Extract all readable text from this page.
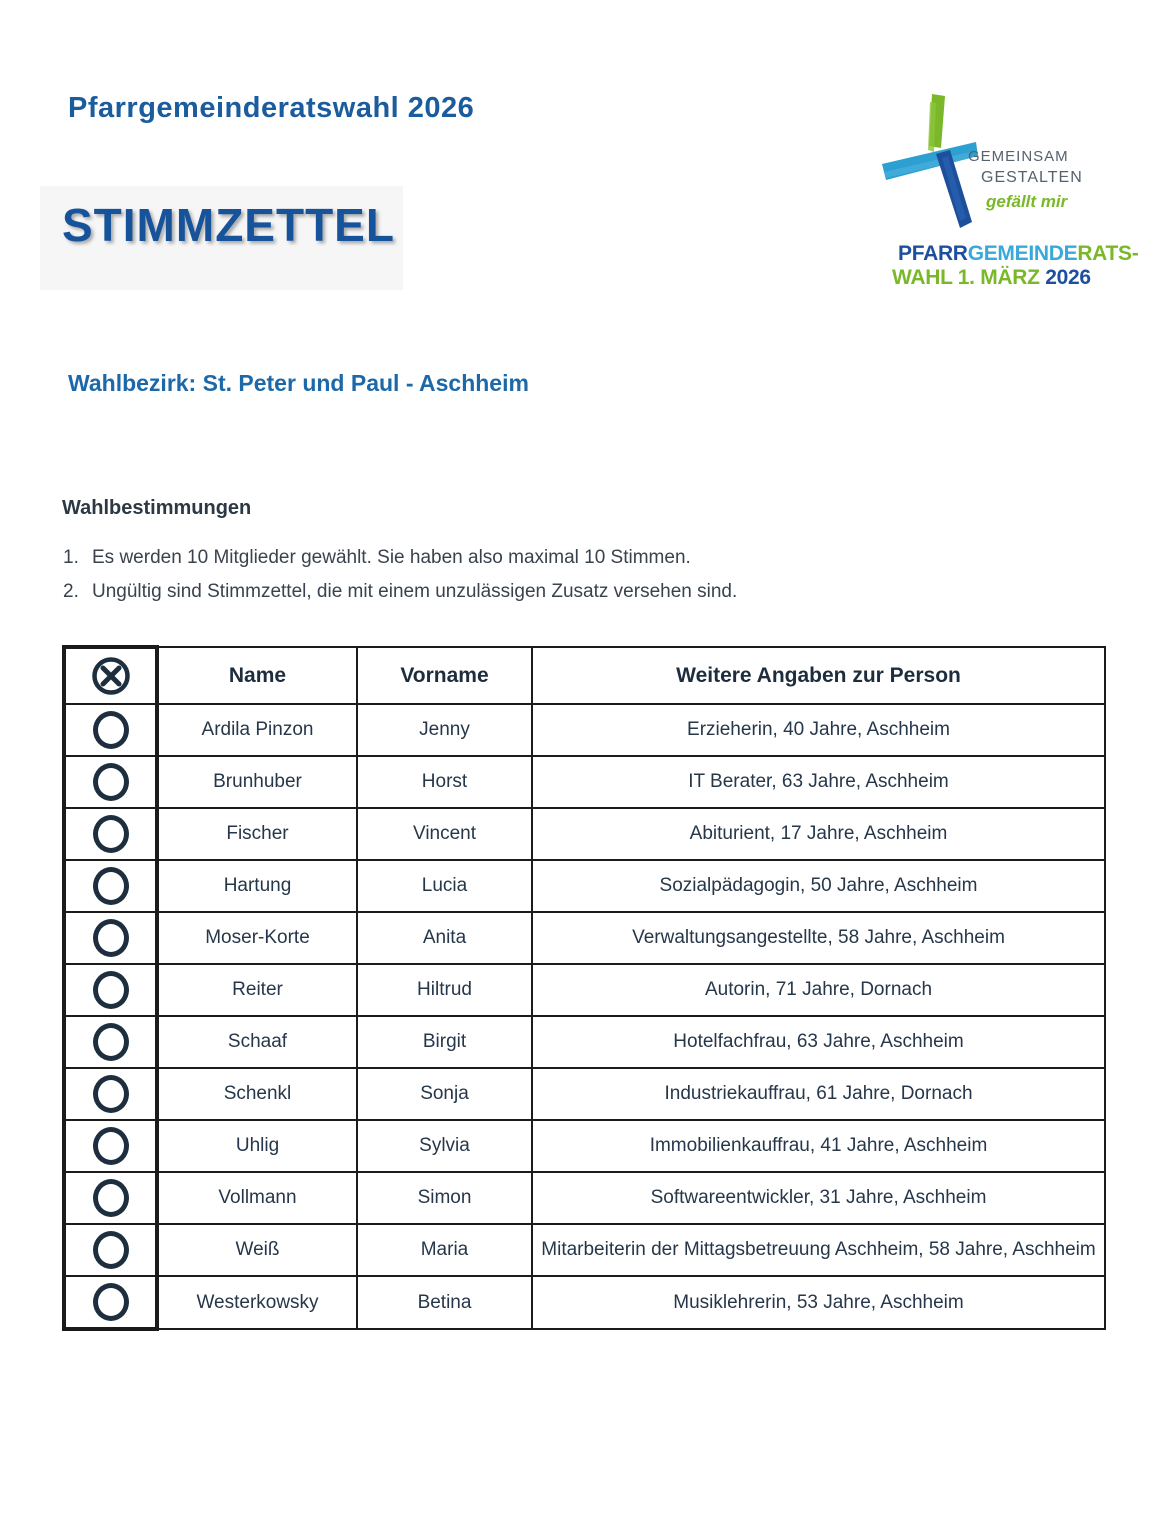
Pfarrgemeinderatswahl 2026
GEMEINSAM
GESTALTEN
gefällt mir
PFARRGEMEINDERATS-
WAHL 1. MÄRZ 2026
STIMMZETTEL
Wahlbezirk: St. Peter und Paul - Aschheim
Wahlbestimmungen
1. Es werden 10 Mitglieder gewählt. Sie haben also maximal 10 Stimmen.
2. Ungültig sind Stimmzettel, die mit einem unzulässigen Zusatz versehen sind.
	Name	Vorname	Weitere Angaben zur Person
	Ardila Pinzon	Jenny	Erzieherin, 40 Jahre, Aschheim
	Brunhuber	Horst	IT Berater, 63 Jahre, Aschheim
	Fischer	Vincent	Abiturient, 17 Jahre, Aschheim
	Hartung	Lucia	Sozialpädagogin, 50 Jahre, Aschheim
	Moser-Korte	Anita	Verwaltungsangestellte, 58 Jahre, Aschheim
	Reiter	Hiltrud	Autorin, 71 Jahre, Dornach
	Schaaf	Birgit	Hotelfachfrau, 63 Jahre, Aschheim
	Schenkl	Sonja	Industriekauffrau, 61 Jahre, Dornach
	Uhlig	Sylvia	Immobilienkauffrau, 41 Jahre, Aschheim
	Vollmann	Simon	Softwareentwickler, 31 Jahre, Aschheim
	Weiß	Maria	Mitarbeiterin der Mittagsbetreuung Aschheim, 58 Jahre, Aschheim
	Westerkowsky	Betina	Musiklehrerin, 53 Jahre, Aschheim
